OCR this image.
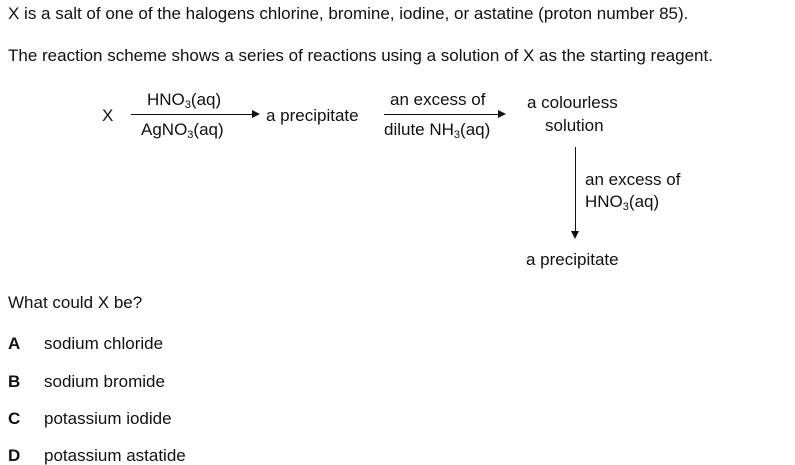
X is a salt of one of the halogens chlorine, bromine, iodine, or astatine (proton number 85).
The reaction scheme shows a series of reactions using a solution of X as the starting reagent.
X
$HNO_3(aq)$
AgNO$_3$(aq)
a precipitate
an excess of
dilute $NH_3(aq)$
a colourless
solution
an excess of
$HNO_3(aq)$
a precipitate
What could X be?
A sodium chloride
B sodium bromide
C potassium iodide
D potassium astatide
